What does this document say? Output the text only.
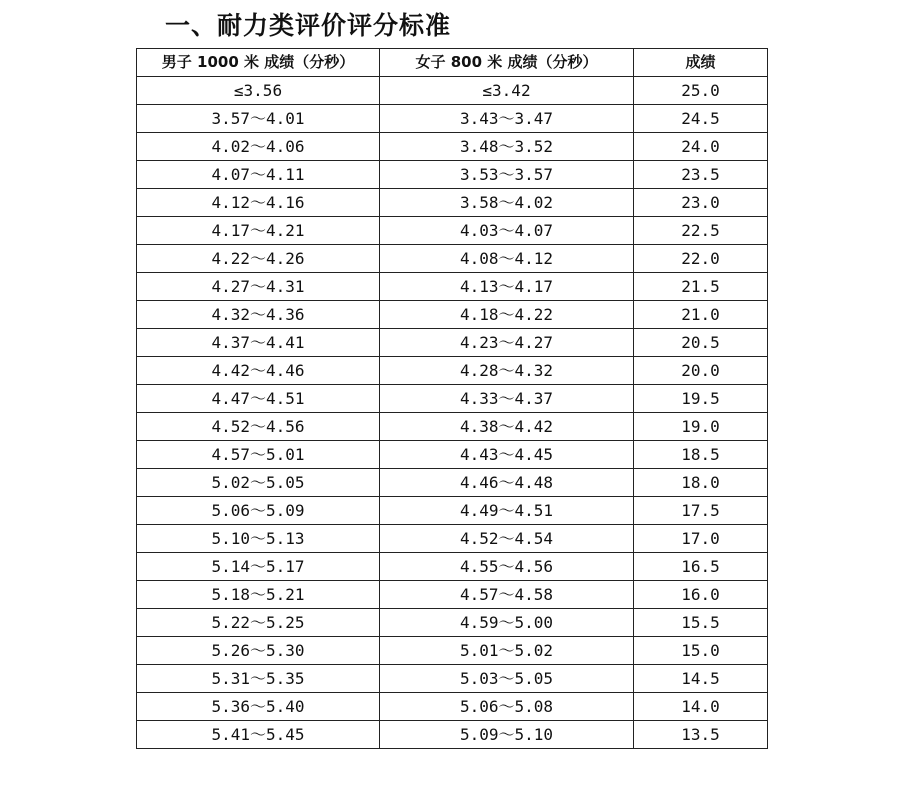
一、耐力类评价评分标准
男子 1000 米 成绩（分秒）	女子 800 米 成绩（分秒）	成绩
≤3.56	≤3.42	25.0
3.57～4.01	3.43～3.47	24.5
4.02～4.06	3.48～3.52	24.0
4.07～4.11	3.53～3.57	23.5
4.12～4.16	3.58～4.02	23.0
4.17～4.21	4.03～4.07	22.5
4.22～4.26	4.08～4.12	22.0
4.27～4.31	4.13～4.17	21.5
4.32～4.36	4.18～4.22	21.0
4.37～4.41	4.23～4.27	20.5
4.42～4.46	4.28～4.32	20.0
4.47～4.51	4.33～4.37	19.5
4.52～4.56	4.38～4.42	19.0
4.57～5.01	4.43～4.45	18.5
5.02～5.05	4.46～4.48	18.0
5.06～5.09	4.49～4.51	17.5
5.10～5.13	4.52～4.54	17.0
5.14～5.17	4.55～4.56	16.5
5.18～5.21	4.57～4.58	16.0
5.22～5.25	4.59～5.00	15.5
5.26～5.30	5.01～5.02	15.0
5.31～5.35	5.03～5.05	14.5
5.36～5.40	5.06～5.08	14.0
5.41～5.45	5.09～5.10	13.5
